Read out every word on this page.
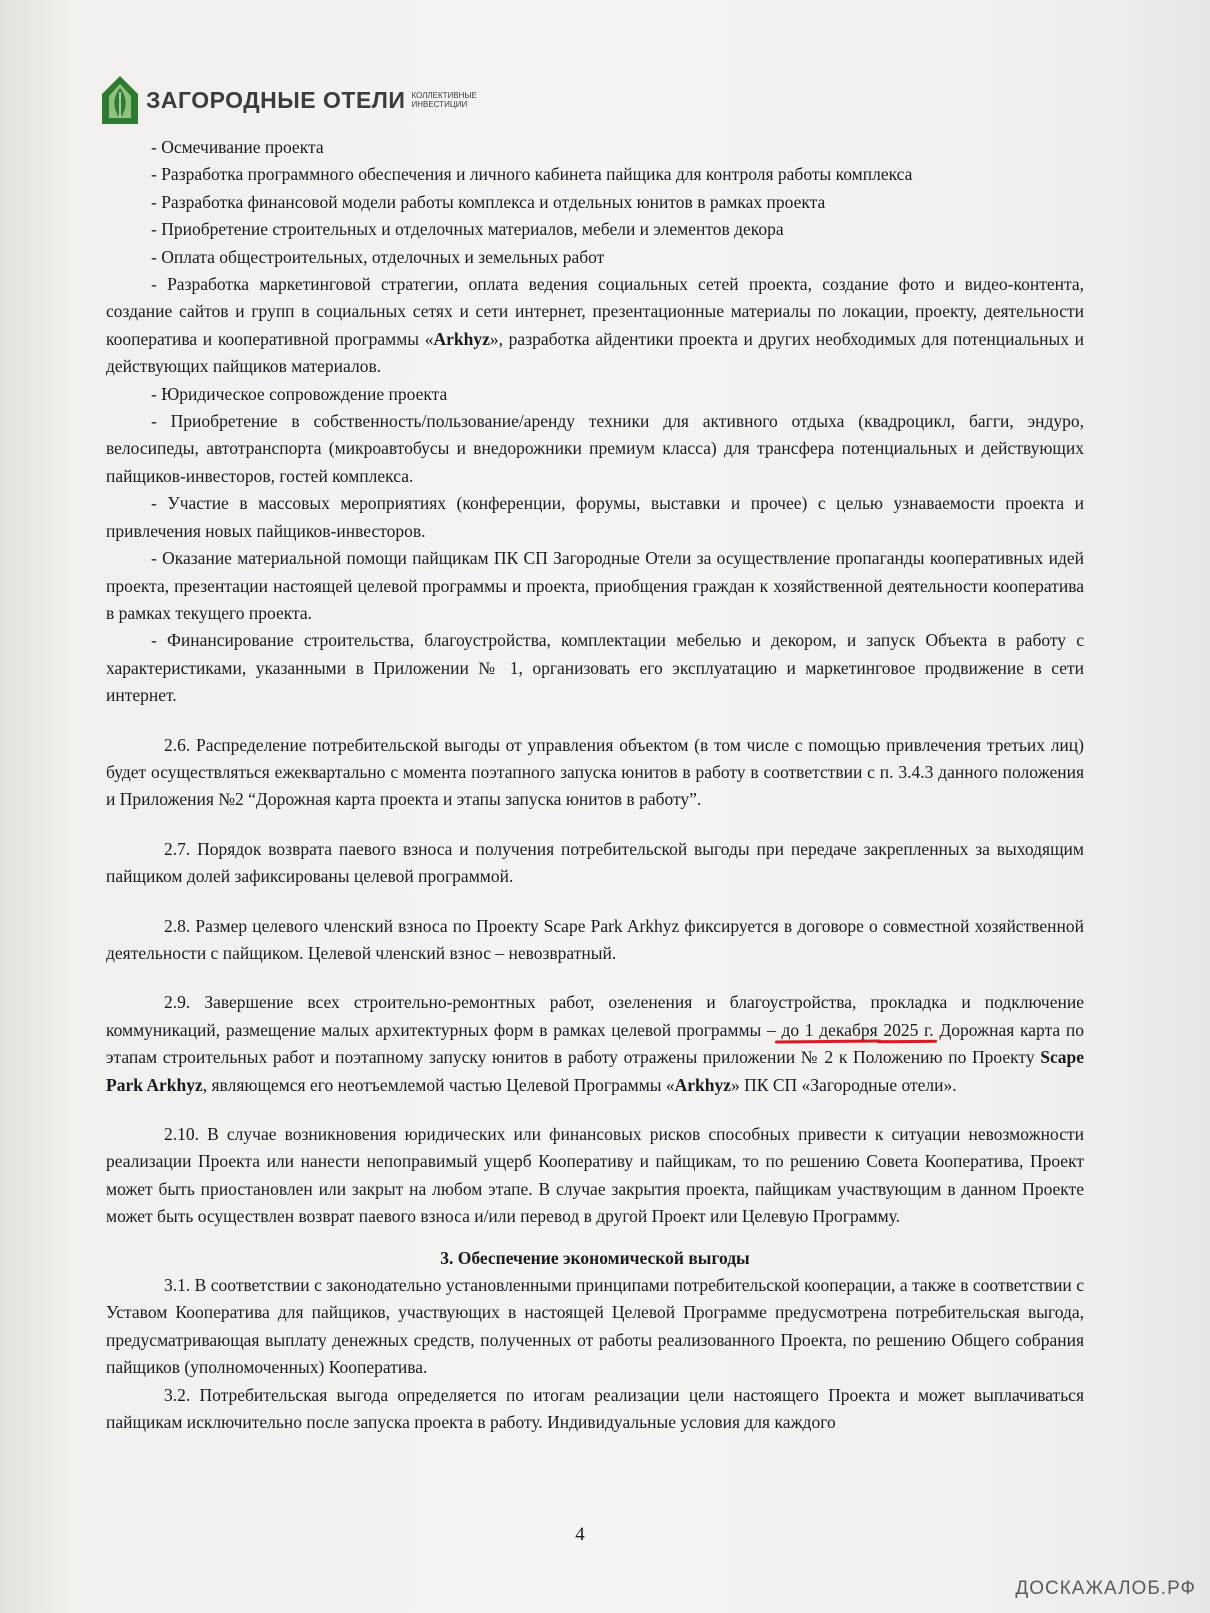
ЗАГОРОДНЫЕ ОТЕЛИ КОЛЛЕКТИВНЫЕ ИНВЕСТИЦИИ

- Осмечивание проекта

- Разработка программного обеспечения и личного кабинета пайщика для контроля работы комплекса

- Разработка финансовой модели работы комплекса и отдельных юнитов в рамках проекта

- Приобретение строительных и отделочных материалов, мебели и элементов декора

- Оплата общестроительных, отделочных и земельных работ

- Разработка маркетинговой стратегии, оплата ведения социальных сетей проекта, создание фото и видео-контента, создание сайтов и групп в социальных сетях и сети интернет, презентационные материалы по локации, проекту, деятельности кооператива и кооперативной программы «Arkhyz», разработка айдентики проекта и других необходимых для потенциальных и действующих пайщиков материалов.

- Юридическое сопровождение проекта

- Приобретение в собственность/пользование/аренду техники для активного отдыха (квадроцикл, багги, эндуро, велосипеды, автотранспорта (микроавтобусы и внедорожники премиум класса) для трансфера потенциальных и действующих пайщиков-инвесторов, гостей комплекса.

- Участие в массовых мероприятиях (конференции, форумы, выставки и прочее) с целью узнаваемости проекта и привлечения новых пайщиков-инвесторов.

- Оказание материальной помощи пайщикам ПК СП Загородные Отели за осуществление пропаганды кооперативных идей проекта, презентации настоящей целевой программы и проекта, приобщения граждан к хозяйственной деятельности кооператива в рамках текущего проекта.

- Финансирование строительства, благоустройства, комплектации мебелью и декором, и запуск Объекта в работу с характеристиками, указанными в Приложении № 1, организовать его эксплуатацию и маркетинговое продвижение в сети интернет.

2.6. Распределение потребительской выгоды от управления объектом (в том числе с помощью привлечения третьих лиц) будет осуществляться ежеквартально с момента поэтапного запуска юнитов в работу в соответствии с п. 3.4.3 данного положения и Приложения №2 “Дорожная карта проекта и этапы запуска юнитов в работу”.

2.7. Порядок возврата паевого взноса и получения потребительской выгоды при передаче закрепленных за выходящим пайщиком долей зафиксированы целевой программой.

2.8. Размер целевого членский взноса по Проекту Scape Park Arkhyz фиксируется в договоре о совместной хозяйственной деятельности с пайщиком. Целевой членский взнос – невозвратный.

2.9. Завершение всех строительно-ремонтных работ, озеленения и благоустройства, прокладка и подключение коммуникаций, размещение малых архитектурных форм в рамках целевой программы – до 1 декабря 2025 г. Дорожная карта по этапам строительных работ и поэтапному запуску юнитов в работу отражены приложении № 2 к Положению по Проекту Scape Park Arkhyz, являющемся его неотъемлемой частью Целевой Программы «Arkhyz» ПК СП «Загородные отели».

2.10. В случае возникновения юридических или финансовых рисков способных привести к ситуации невозможности реализации Проекта или нанести непоправимый ущерб Кооперативу и пайщикам, то по решению Совета Кооператива, Проект может быть приостановлен или закрыт на любом этапе. В случае закрытия проекта, пайщикам участвующим в данном Проекте может быть осуществлен возврат паевого взноса и/или перевод в другой Проект или Целевую Программу.

3. Обеспечение экономической выгоды

3.1. В соответствии с законодательно установленными принципами потребительской кооперации, а также в соответствии с Уставом Кооператива для пайщиков, участвующих в настоящей Целевой Программе предусмотрена потребительская выгода, предусматривающая выплату денежных средств, полученных от работы реализованного Проекта, по решению Общего собрания пайщиков (уполномоченных) Кооператива.

3.2. Потребительская выгода определяется по итогам реализации цели настоящего Проекта и может выплачиваться пайщикам исключительно после запуска проекта в работу. Индивидуальные условия для каждого

4
ДОСКАЖАЛОБ.РФ
